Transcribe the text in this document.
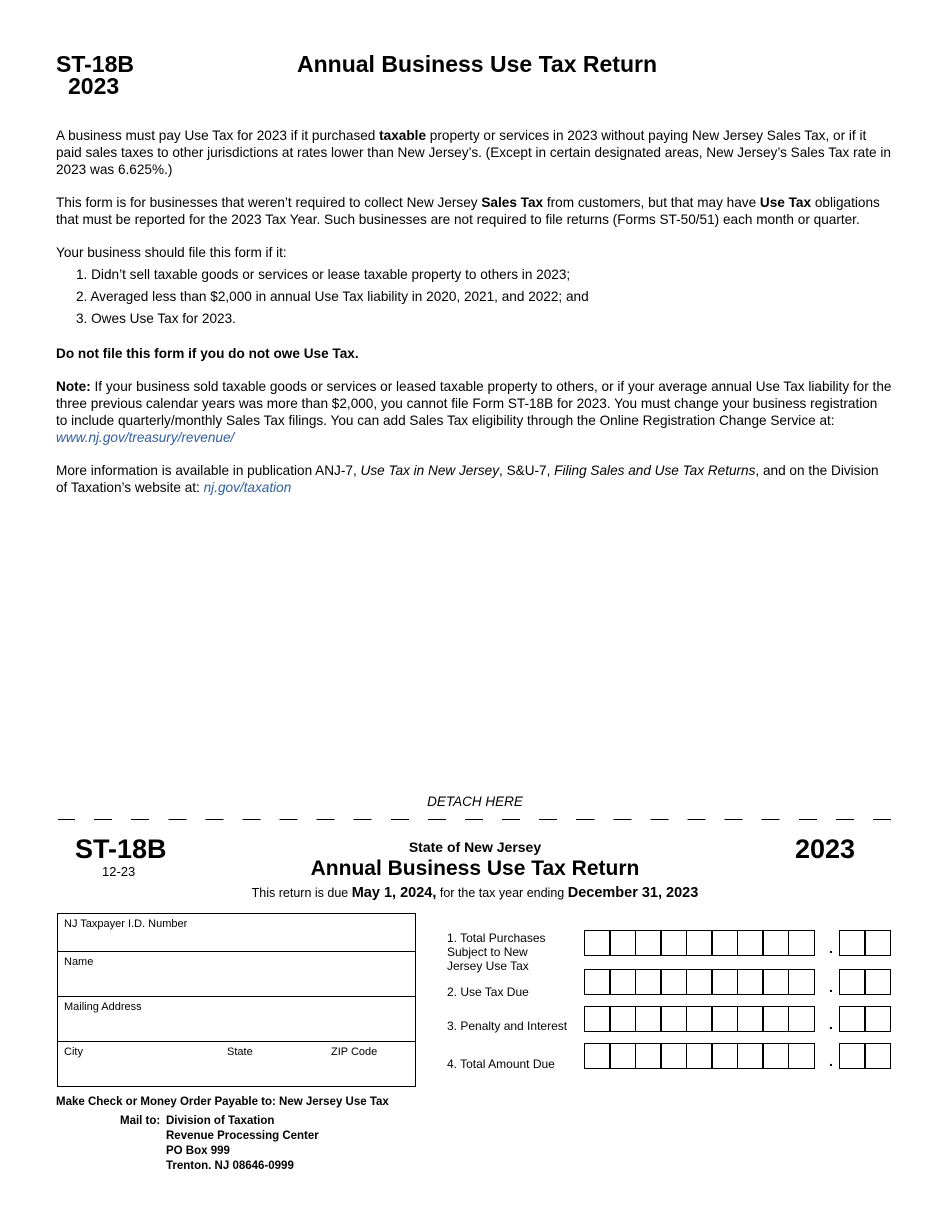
ST-18B
2023
Annual Business Use Tax Return

A business must pay Use Tax for 2023 if it purchased taxable property or services in 2023 without paying New Jersey Sales Tax, or if it paid sales taxes to other jurisdictions at rates lower than New Jersey’s. (Except in certain designated areas, New Jersey’s Sales Tax rate in 2023 was 6.625%.)

This form is for businesses that weren’t required to collect New Jersey Sales Tax from customers, but that may have Use Tax obligations that must be reported for the 2023 Tax Year. Such businesses are not required to file returns (Forms ST-50/51) each month or quarter.

Your business should file this form if it:
1. Didn’t sell taxable goods or services or lease taxable property to others in 2023;
2. Averaged less than $2,000 in annual Use Tax liability in 2020, 2021, and 2022; and
3. Owes Use Tax for 2023.

Do not file this form if you do not owe Use Tax.

Note: If your business sold taxable goods or services or leased taxable property to others, or if your average annual Use Tax liability for the three previous calendar years was more than $2,000, you cannot file Form ST-18B for 2023. You must change your business registration to include quarterly/monthly Sales Tax filings. You can add Sales Tax eligibility through the Online Registration Change Service at: www.nj.gov/treasury/revenue/

More information is available in publication ANJ-7, Use Tax in New Jersey, S&U-7, Filing Sales and Use Tax Returns, and on the Division of Taxation’s website at: nj.gov/taxation

DETACH HERE
ST-18B
12-23
State of New Jersey
Annual Business Use Tax Return
This return is due May 1, 2024, for the tax year ending December 31, 2023
2023
NJ Taxpayer I.D. Number
Name
Mailing Address
City	State	ZIP Code
1. Total Purchases
Subject to New
Jersey Use Tax
2. Use Tax Due
3. Penalty and Interest
4. Total Amount Due
.
.
.
.
Make Check or Money Order Payable to: New Jersey Use Tax
Mail to: Division of Taxation
Revenue Processing Center
PO Box 999
Trenton. NJ 08646-0999
